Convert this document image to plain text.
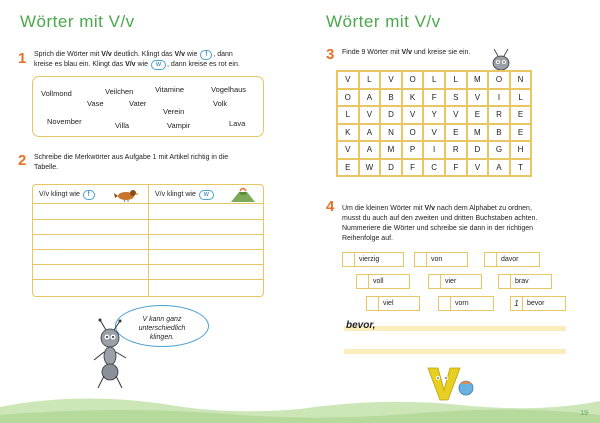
Wörter mit V/v
1 Sprich die Wörter mit V/v deutlich. Klingt das V/v wie f , dann
kreise es blau ein. Klingt das V/v wie w , dann kreise es rot ein.
Vollmond	Veilchen	Vitamine	Vogelhaus
Vase	Vater
Verein
Volk
November	Villa	Vampir	Lava
2 Schreibe die Merkwörter aus Aufgabe 1 mit Artikel richtig in die
Tabelle.
V/v klingt wie f	V/v klingt wie w
V kann ganz
unterschiedlich
klingen.
Wörter mit V/v
3 Finde 9 Wörter mit V/v und kreise sie ein.
V	L	V	O	L	L	M	O	N
O	A	B	K	F	S	V	I	L
L	V	D	V	Y	V	E	R	E
K	A	N	O	V	E	M	B	E
V	A	M	P	I	R	D	G	H
E	W	D	F	C	F	V	A	T
4 Um die kleinen Wörter mit V/v nach dem Alphabet zu ordnen,
musst du auch auf den zweiten und dritten Buchstaben achten.
Nummeriere die Wörter und schreibe sie dann in der richtigen
Reihenfolge auf.
vierzig	von	davor
voll	vier	brav
viel	vorn	1	bevor
bevor,
19
